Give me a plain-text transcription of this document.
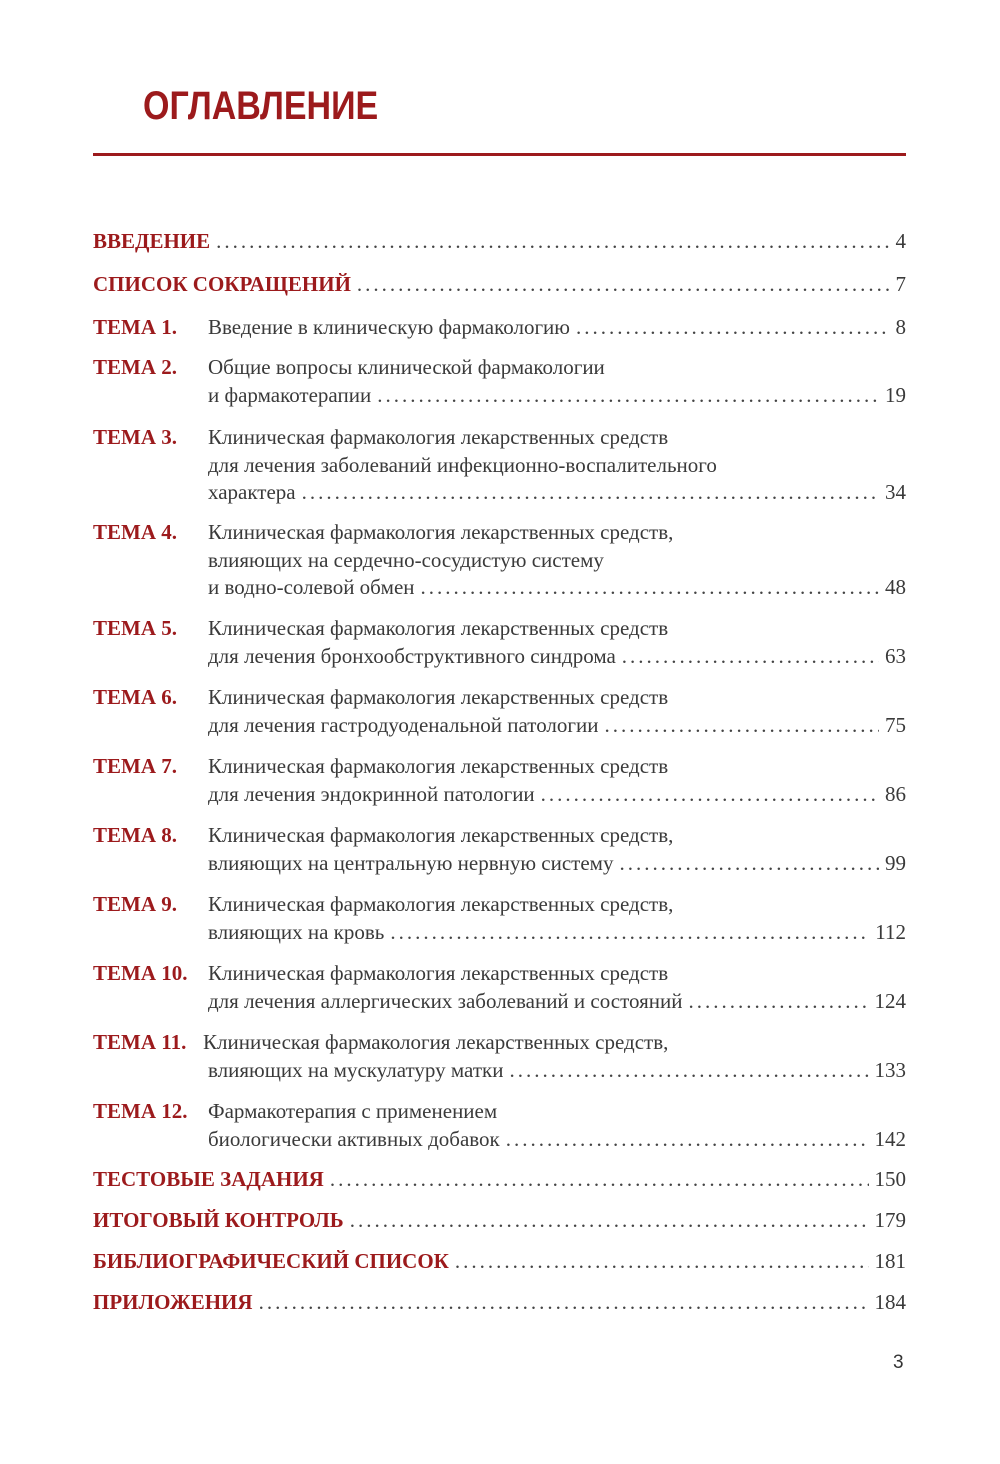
ОГЛАВЛЕНИЕ
ВВЕДЕНИЕ .....	4
СПИСОК СОКРАЩЕНИЙ .....	7
ТЕМА 1.	Введение в клиническую фармакологию .....	8
ТЕМА 2.	Общие вопросы клинической фармакологии
и фармакотерапии .....	19
ТЕМА 3.	Клиническая фармакология лекарственных средств
для лечения заболеваний инфекционно-воспалительного
характера .....	34
ТЕМА 4.	Клиническая фармакология лекарственных средств,
влияющих на сердечно-сосудистую систему
и водно-солевой обмен .....	48
ТЕМА 5.	Клиническая фармакология лекарственных средств
для лечения бронхообструктивного синдрома .....	63
ТЕМА 6.	Клиническая фармакология лекарственных средств
для лечения гастродуоденальной патологии .....	75
ТЕМА 7.	Клиническая фармакология лекарственных средств
для лечения эндокринной патологии .....	86
ТЕМА 8.	Клиническая фармакология лекарственных средств,
влияющих на центральную нервную систему .....	99
ТЕМА 9.	Клиническая фармакология лекарственных средств,
влияющих на кровь .....	112
ТЕМА 10. Клиническая фармакология лекарственных средств
для лечения аллергических заболеваний и состояний .....	124
ТЕМА 11. Клиническая фармакология лекарственных средств,
влияющих на мускулатуру матки .....	133
ТЕМА 12. Фармакотерапия с применением
биологически активных добавок .....	142
ТЕСТОВЫЕ ЗАДАНИЯ .....	150
ИТОГОВЫЙ КОНТРОЛЬ .....	179
БИБЛИОГРАФИЧЕСКИЙ СПИСОК .....	181
ПРИЛОЖЕНИЯ .....	184
3
